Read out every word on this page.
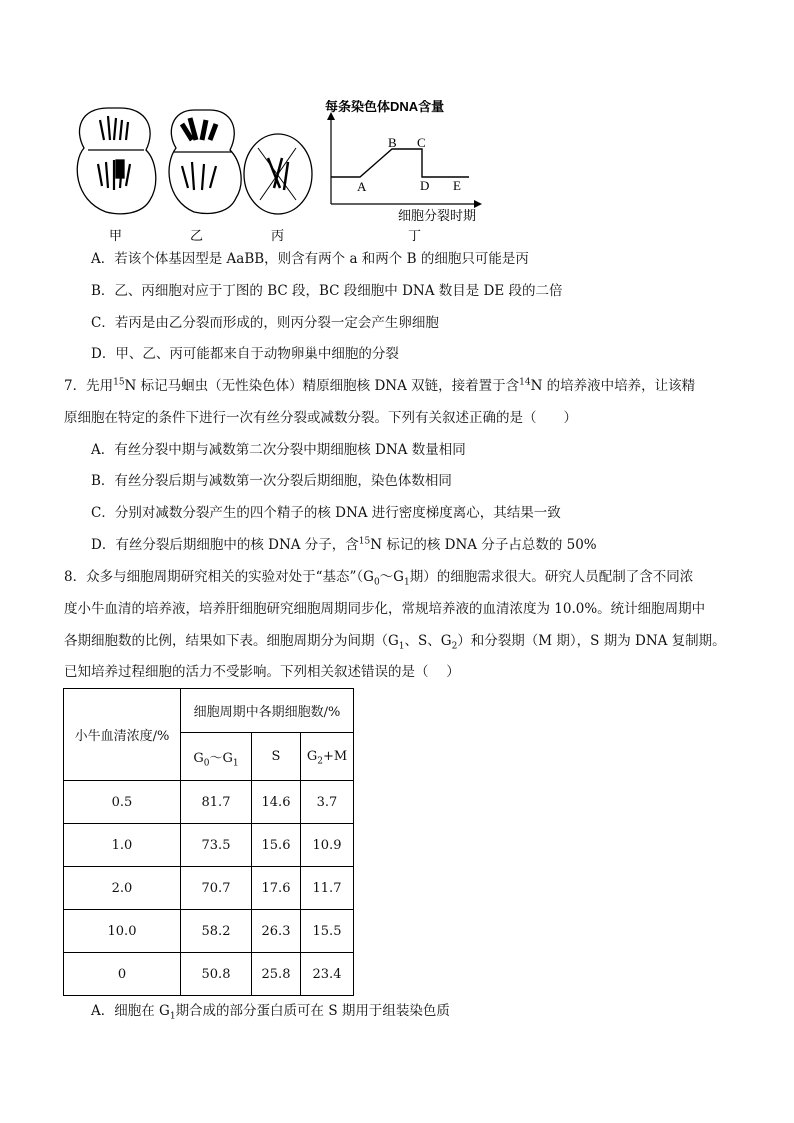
每条染色体DNA含量
细胞分裂时期
A
B C
D E
甲	乙	丙	丁
A．若该个体基因型是 AaBB，则含有两个 a 和两个 B 的细胞只可能是丙
B．乙、丙细胞对应于丁图的 BC 段，BC 段细胞中 DNA 数目是 DE 段的二倍
C．若丙是由乙分裂而形成的，则丙分裂一定会产生卵细胞
D．甲、乙、丙可能都来自于动物卵巢中细胞的分裂
7．先用$^{15}$N 标记马蛔虫（无性染色体）精原细胞核 DNA 双链，接着置于含$^{14}$N 的培养液中培养，让该精
原细胞在特定的条件下进行一次有丝分裂或减数分裂。下列有关叙述正确的是（　　）
A．有丝分裂中期与减数第二次分裂中期细胞核 DNA 数量相同
B．有丝分裂后期与减数第一次分裂后期细胞，染色体数相同
C．分别对减数分裂产生的四个精子的核 DNA 进行密度梯度离心，其结果一致
D．有丝分裂后期细胞中的核 DNA 分子，含$^{15}$N 标记的核 DNA 分子占总数的 50%
8．众多与细胞周期研究相关的实验对处于“基态$”(G_0\sim G_1$期）的细胞需求很大。研究人员配制了含不同浓
度小牛血清的培养液，培养肝细胞研究细胞周期同步化，常规培养液的血清浓度为 10.0%。统计细胞周期中
各期细胞数的比例，结果如下表。细胞周期分为间期（$G_1$、S、$G_2$）和分裂期（M 期），S 期为 DNA 复制期。
已知培养过程细胞的活力不受影响。下列相关叙述错误的是（　 ）
小牛血清浓度/%	细胞周期中各期细胞数/%		
	$G_0\sim G_1$	S	$G_2+M$
0.5	81.7	14.6	3.7
1.0	73.5	15.6	10.9
2.0	70.7	17.6	11.7
10.0	58.2	26.3	15.5
0	50.8	25.8	23.4
A．细胞在 $G_1$期合成的部分蛋白质可在 S 期用于组装染色质
